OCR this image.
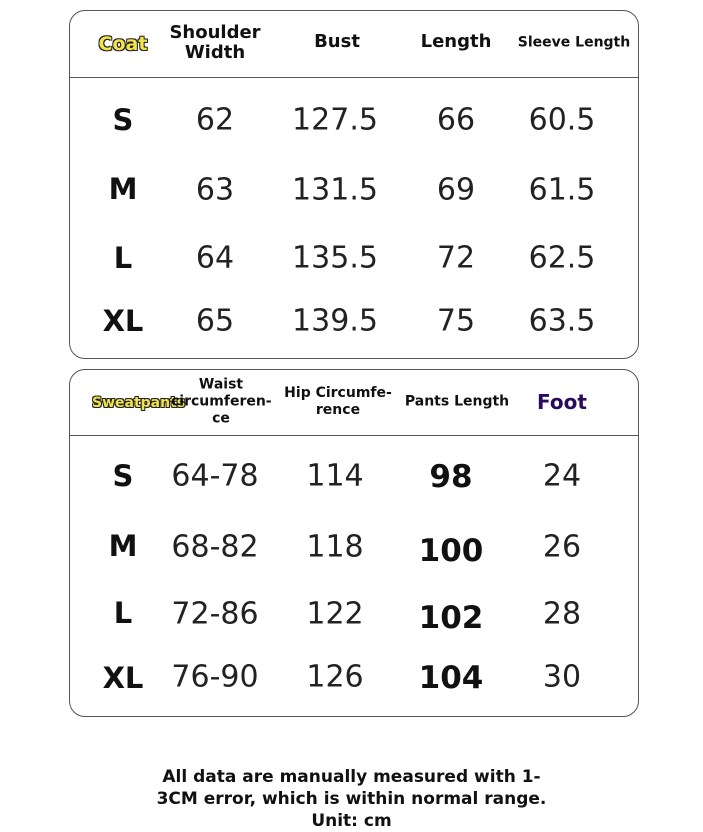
Coat
Shoulder Width
Bust	Length Sleeve Length
S 62 127.5 66 60.5
M 63 131.5 69 61.5
L 64 135.5 72 62.5
XL 65 139.5 75 63.5
Sweatpants
Waist circumferen-ce
Hip Circumfe-rence
Pants Length Foot
S 64-78 114 98 24
M 68-82 118 100 26
L 72-86 122 102 28
XL 76-90 126 104 30
All data are manually measured with 1-3CM error, which is within normal range. Unit: cm
